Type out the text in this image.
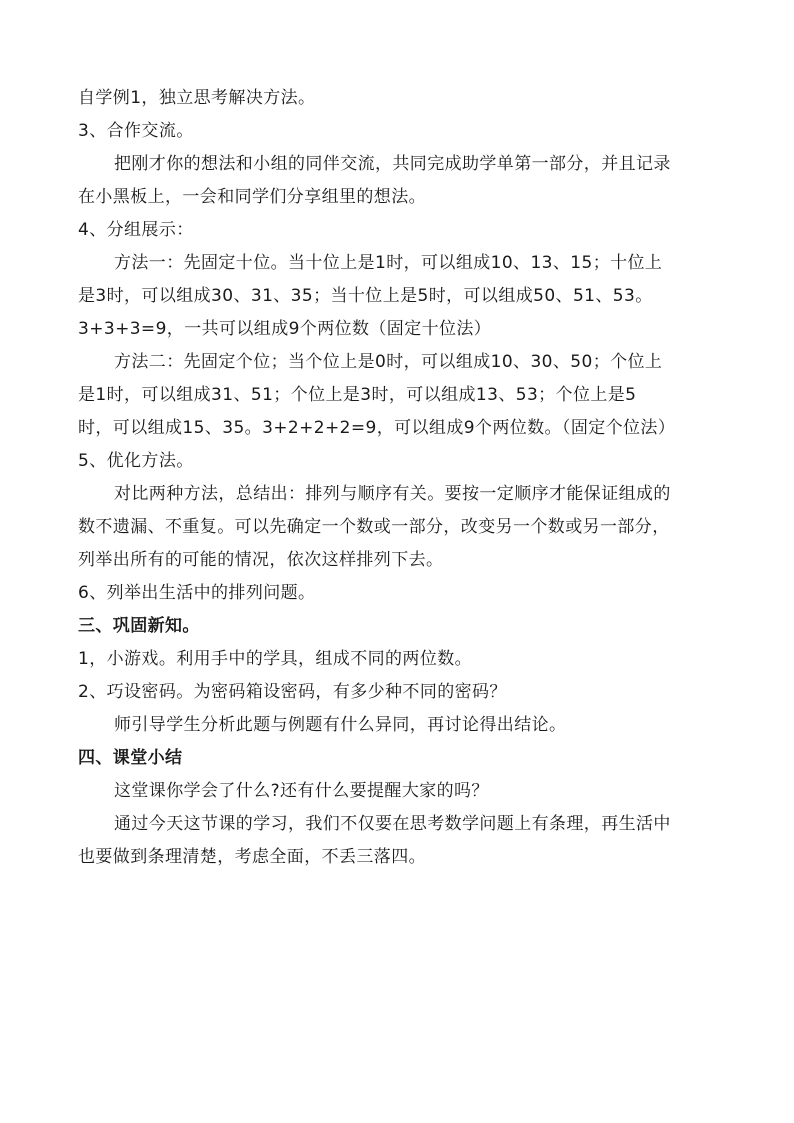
自学例1，独立思考解决方法。
3、合作交流。
把刚才你的想法和小组的同伴交流，共同完成助学单第一部分，并且记录
在小黑板上，一会和同学们分享组里的想法。
4、分组展示：
方法一：先固定十位。当十位上是1时，可以组成10、13、15；十位上
是3时，可以组成30、31、35；当十位上是5时，可以组成50、51、53。
3+3+3=9，一共可以组成9个两位数（固定十位法）
方法二：先固定个位；当个位上是0时，可以组成10、30、50；个位上
是1时，可以组成31、51；个位上是3时，可以组成13、53；个位上是5
时，可以组成15、35。3+2+2+2=9，可以组成9个两位数。（固定个位法）
5、优化方法。
对比两种方法，总结出：排列与顺序有关。要按一定顺序才能保证组成的
数不遗漏、不重复。可以先确定一个数或一部分，改变另一个数或另一部分，
列举出所有的可能的情况，依次这样排列下去。
6、列举出生活中的排列问题。
三、巩固新知。
1，小游戏。利用手中的学具，组成不同的两位数。
2、巧设密码。为密码箱设密码，有多少种不同的密码？
师引导学生分析此题与例题有什么异同，再讨论得出结论。
四、课堂小结
这堂课你学会了什么?还有什么要提醒大家的吗？
通过今天这节课的学习，我们不仅要在思考数学问题上有条理，再生活中
也要做到条理清楚，考虑全面，不丢三落四。
